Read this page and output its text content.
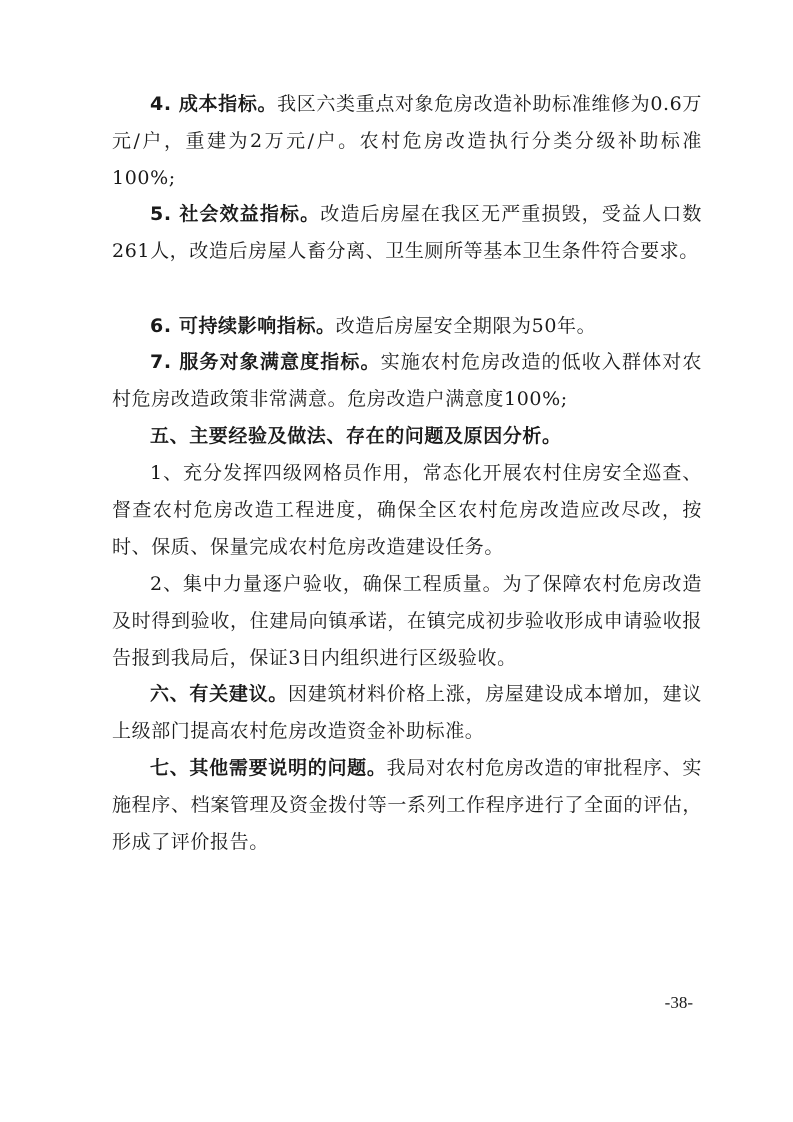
4. 成本指标。我区六类重点对象危房改造补助标准维修为0.6万元/户，重建为2万元/户。农村危房改造执行分类分级补助标准100%;

5. 社会效益指标。改造后房屋在我区无严重损毁，受益人口数261人，改造后房屋人畜分离、卫生厕所等基本卫生条件符合要求。

6. 可持续影响指标。改造后房屋安全期限为50年。

7. 服务对象满意度指标。实施农村危房改造的低收入群体对农村危房改造政策非常满意。危房改造户满意度100%;

五、主要经验及做法、存在的问题及原因分析。

1、充分发挥四级网格员作用，常态化开展农村住房安全巡查、督查农村危房改造工程进度，确保全区农村危房改造应改尽改，按时、保质、保量完成农村危房改造建设任务。

2、集中力量逐户验收，确保工程质量。为了保障农村危房改造及时得到验收，住建局向镇承诺，在镇完成初步验收形成申请验收报告报到我局后，保证3日内组织进行区级验收。

六、有关建议。因建筑材料价格上涨，房屋建设成本增加，建议上级部门提高农村危房改造资金补助标准。

七、其他需要说明的问题。我局对农村危房改造的审批程序、实施程序、档案管理及资金拨付等一系列工作程序进行了全面的评估，形成了评价报告。

-38-
